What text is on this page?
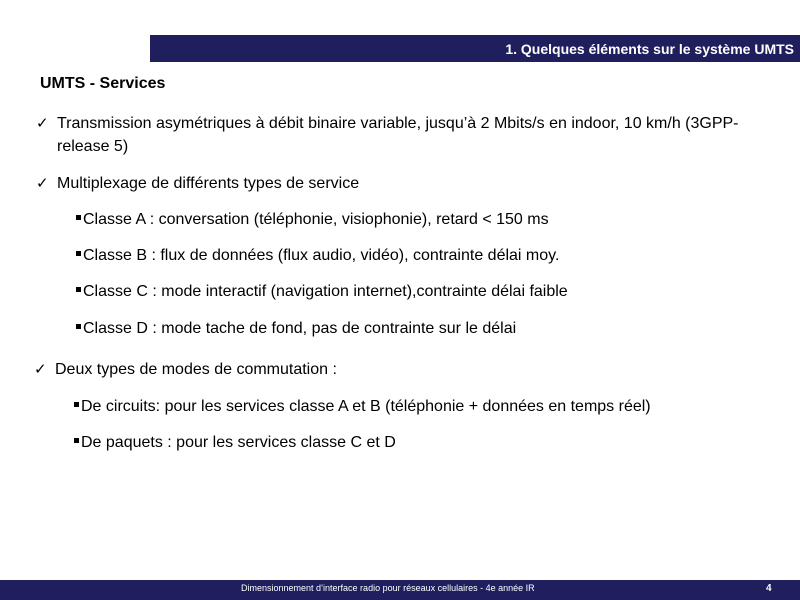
1. Quelques éléments sur le système UMTS
UMTS - Services
✓ Transmission asymétriques à débit binaire variable, jusqu’à 2 Mbits/s en indoor, 10 km/h (3GPP-release 5)
✓ Multiplexage de différents types de service
Classe A : conversation (téléphonie, visiophonie), retard < 150 ms
Classe B : flux de données (flux audio, vidéo), contrainte délai moy.
Classe C : mode interactif (navigation internet),contrainte délai faible
Classe D : mode tache de fond, pas de contrainte sur le délai
✓ Deux types de modes de commutation :
De circuits: pour les services classe A et B (téléphonie + données en temps réel)
De paquets : pour les services classe C et D
Dimensionnement d’interface radio pour réseaux cellulaires - 4e année IR	4
